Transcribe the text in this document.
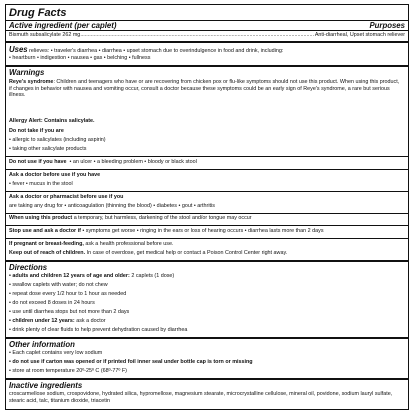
Drug Facts
Active ingredient (per caplet)	Purposes
Bismuth subsalicylate 262 mg............................................................................................................................................................ Anti-diarrheal, Upset stomach reliever
Uses relieves: • traveler's diarrhea • diarrhea • upset stomach due to overindulgence in food and drink, including:
• heartburn • indigestion • nausea • gas • belching • fullness
Warnings
Reye's syndrome: Children and teenagers who have or are recovering from chicken pox or flu-like symptoms should not use this product. When using this product, if changes in behavior with nausea and vomiting occur, consult a doctor because these symptoms could be an early sign of Reye's syndrome, a rare but serious illness.
Allergy Alert: Contains salicylate.
Do not take if you are
• allergic to salicylates (including aspirin)
• taking other salicylate products
Do not use if you have • an ulcer • a bleeding problem • bloody or black stool
Ask a doctor before use if you have
• fever • mucus in the stool
Ask a doctor or pharmacist before use if you
are taking any drug for • anticoagulation (thinning the blood) • diabetes • gout • arthritis
When using this product a temporary, but harmless, darkening of the stool and/or tongue may occur
Stop use and ask a doctor if • symptoms get worse • ringing in the ears or loss of hearing occurs • diarrhea lasts more than 2 days
If pregnant or breast-feeding, ask a health professional before use.
Keep out of reach of children. In case of overdose, get medical help or contact a Poison Control Center right away.
Directions
• adults and children 12 years of age and older: 2 caplets (1 dose)
• swallow caplets with water; do not chew
• repeat dose every 1/2 hour to 1 hour as needed
• do not exceed 8 doses in 24 hours
• use until diarrhea stops but not more than 2 days
• children under 12 years: ask a doctor
• drink plenty of clear fluids to help prevent dehydration caused by diarrhea
Other information
• Each caplet contains very low sodium
• do not use if carton was opened or if printed foil inner seal under bottle cap is torn or missing
• store at room temperature 20º-25º C (68º-77º F)
Inactive ingredients
croscarmellose sodium, crospovidone, hydrated silica, hypromellose, magnesium stearate, microcrystalline cellulose, mineral oil, povidone, sodium lauryl sulfate, stearic acid, talc, titanium dioxide, triacetin
